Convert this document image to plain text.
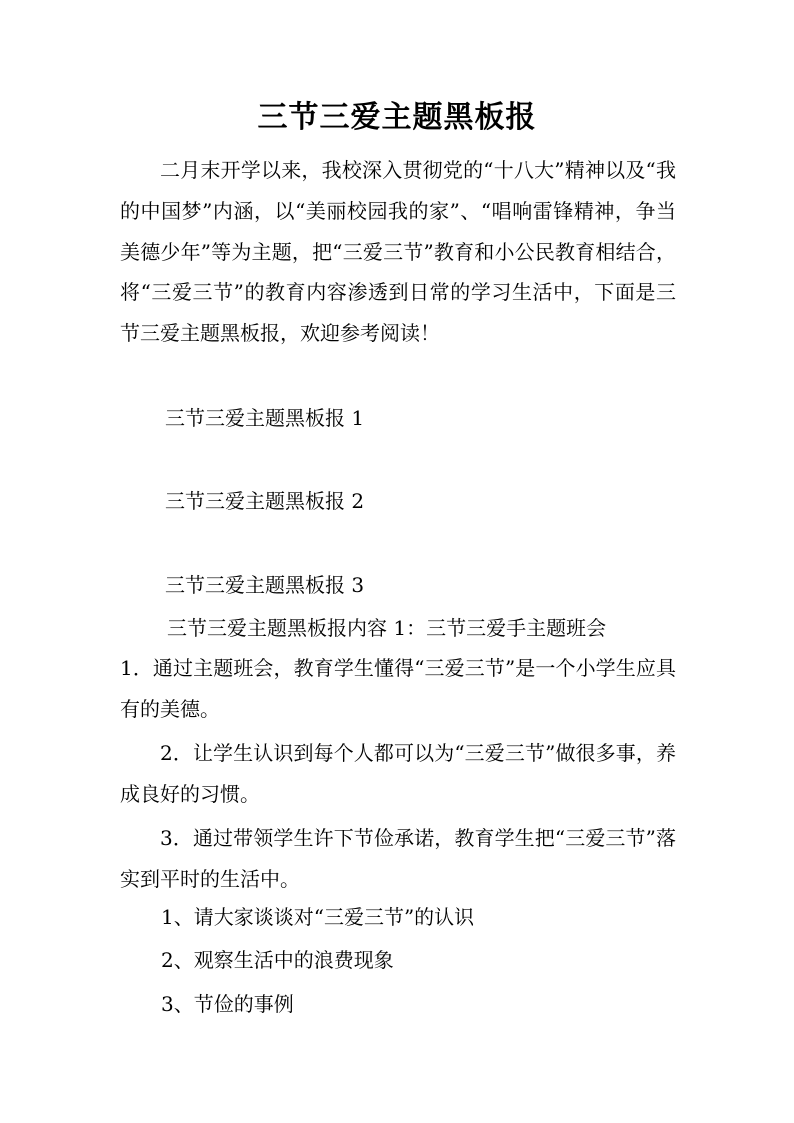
三节三爱主题黑板报

二月末开学以来，我校深入贯彻党的“十八大”精神以及“我的中国梦”内涵，以“美丽校园我的家”、“唱响雷锋精神，争当美德少年”等为主题，把“三爱三节”教育和小公民教育相结合，将“三爱三节”的教育内容渗透到日常的学习生活中，下面是三节三爱主题黑板报，欢迎参考阅读！

三节三爱主题黑板报 1

三节三爱主题黑板报 2

三节三爱主题黑板报 3

三节三爱主题黑板报内容 1：三节三爱手主题班会

1．通过主题班会，教育学生懂得“三爱三节”是一个小学生应具有的美德。

2．让学生认识到每个人都可以为“三爱三节”做很多事，养成良好的习惯。

3．通过带领学生许下节俭承诺，教育学生把“三爱三节”落实到平时的生活中。

1、请大家谈谈对“三爱三节”的认识

2、观察生活中的浪费现象

3、节俭的事例
